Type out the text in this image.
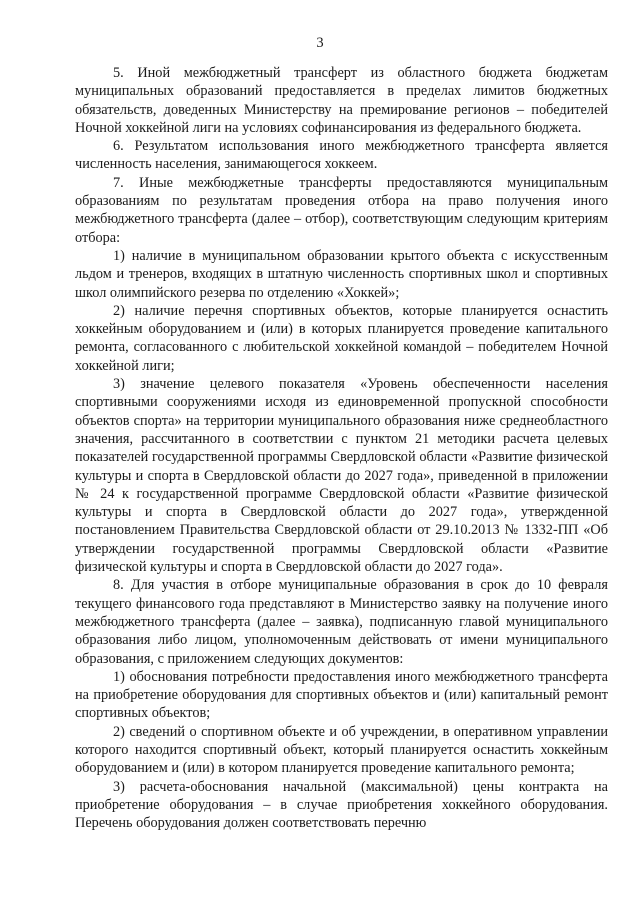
3

5. Иной межбюджетный трансферт из областного бюджета бюджетам муниципальных образований предоставляется в пределах лимитов бюджетных обязательств, доведенных Министерству на премирование регионов – победителей Ночной хоккейной лиги на условиях софинансирования из федерального бюджета.

6. Результатом использования иного межбюджетного трансферта является численность населения, занимающегося хоккеем.

7. Иные межбюджетные трансферты предоставляются муниципальным образованиям по результатам проведения отбора на право получения иного межбюджетного трансферта (далее – отбор), соответствующим следующим критериям отбора:

1) наличие в муниципальном образовании крытого объекта с искусственным льдом и тренеров, входящих в штатную численность спортивных школ и спортивных школ олимпийского резерва по отделению «Хоккей»;

2) наличие перечня спортивных объектов, которые планируется оснастить хоккейным оборудованием и (или) в которых планируется проведение капитального ремонта, согласованного с любительской хоккейной командой – победителем Ночной хоккейной лиги;

3) значение целевого показателя «Уровень обеспеченности населения спортивными сооружениями исходя из единовременной пропускной способности объектов спорта» на территории муниципального образования ниже среднеобластного значения, рассчитанного в соответствии с пунктом 21 методики расчета целевых показателей государственной программы Свердловской области «Развитие физической культуры и спорта в Свердловской области до 2027 года», приведенной в приложении № 24 к государственной программе Свердловской области «Развитие физической культуры и спорта в Свердловской области до 2027 года», утвержденной постановлением Правительства Свердловской области от 29.10.2013 № 1332-ПП «Об утверждении государственной программы Свердловской области «Развитие физической культуры и спорта в Свердловской области до 2027 года».

8. Для участия в отборе муниципальные образования в срок до 10 февраля текущего финансового года представляют в Министерство заявку на получение иного межбюджетного трансферта (далее – заявка), подписанную главой муниципального образования либо лицом, уполномоченным действовать от имени муниципального образования, с приложением следующих документов:

1) обоснования потребности предоставления иного межбюджетного трансферта на приобретение оборудования для спортивных объектов и (или) капитальный ремонт спортивных объектов;

2) сведений о спортивном объекте и об учреждении, в оперативном управлении которого находится спортивный объект, который планируется оснастить хоккейным оборудованием и (или) в котором планируется проведение капитального ремонта;

3) расчета-обоснования начальной (максимальной) цены контракта на приобретение оборудования – в случае приобретения хоккейного оборудования. Перечень оборудования должен соответствовать перечню
